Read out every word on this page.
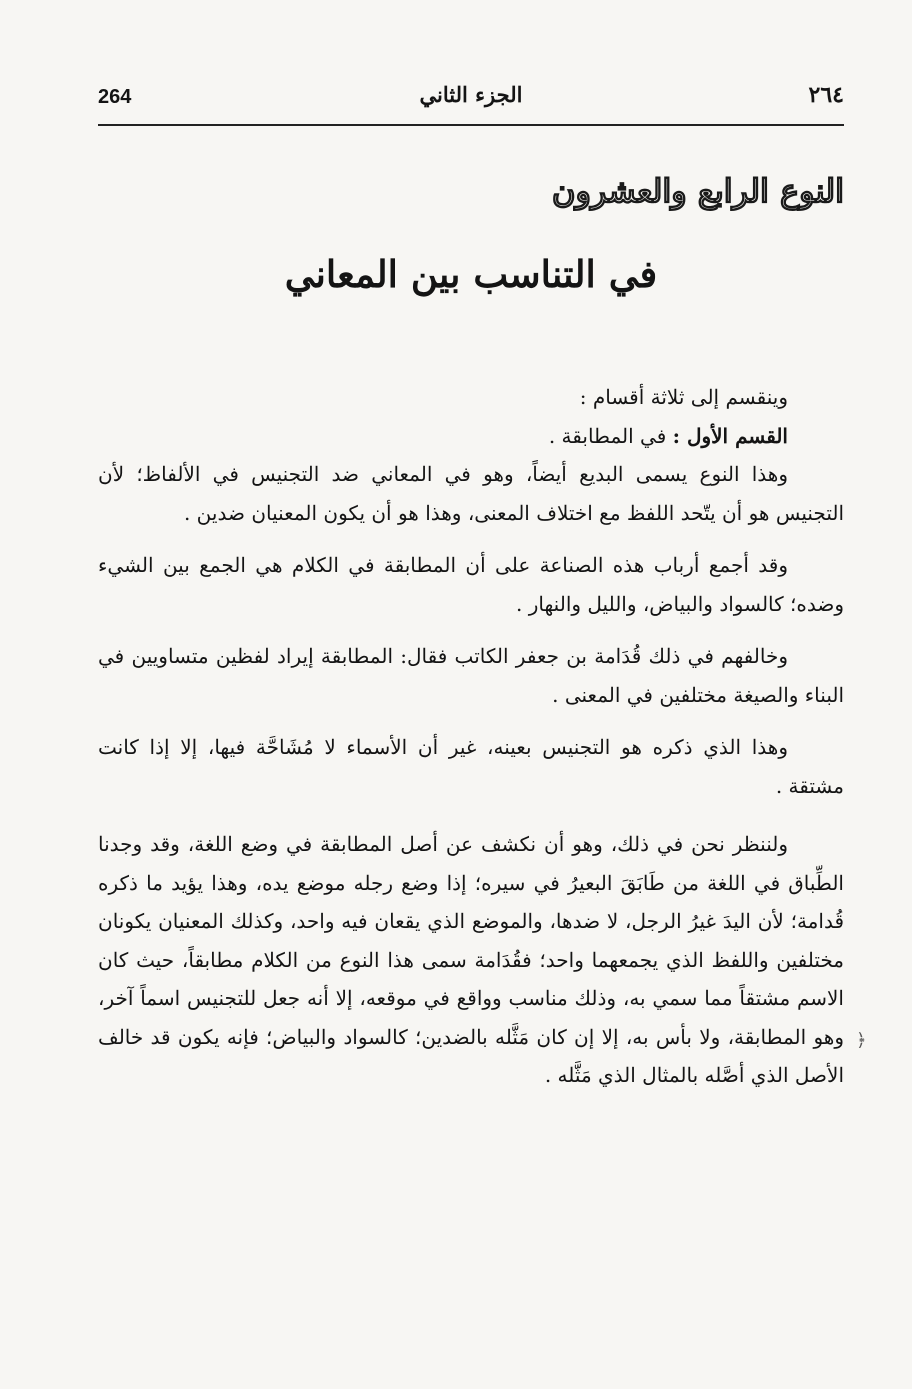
264	الجزء الثاني	٢٦٤
النوع الرابع والعشرون
في التناسب بين المعاني

وينقسم إلى ثلاثة أقسام :

القسم الأول : في المطابقة .

وهذا النوع يسمى البديع أيضاً، وهو في المعاني ضد التجنيس في الألفاظ؛ لأن التجنيس هو أن يتّحد اللفظ مع اختلاف المعنى، وهذا هو أن يكون المعنيان ضدين .

وقد أجمع أرباب هذه الصناعة على أن المطابقة في الكلام هي الجمع بين الشيء وضده؛ كالسواد والبياض، والليل والنهار .

وخالفهم في ذلك قُدَامة بن جعفر الكاتب فقال: المطابقة إيراد لفظين متساويين في البناء والصيغة مختلفين في المعنى .

وهذا الذي ذكره هو التجنيس بعينه، غير أن الأسماء لا مُشَاحَّة فيها، إلا إذا كانت مشتقة .

ولننظر نحن في ذلك، وهو أن نكشف عن أصل المطابقة في وضع اللغة، وقد وجدنا الطِّباق في اللغة من طَابَقَ البعيرُ في سيره؛ إذا وضع رجله موضع يده، وهذا يؤيد ما ذكره قُدامة؛ لأن اليدَ غيرُ الرجل، لا ضدها، والموضع الذي يقعان فيه واحد، وكذلك المعنيان يكونان مختلفين واللفظ الذي يجمعهما واحد؛ فقُدَامة سمى هذا النوع من الكلام مطابقاً، حيث كان الاسم مشتقاً مما سمي به، وذلك مناسب وواقع في موقعه، إلا أنه جعل للتجنيس اسماً آخر، وهو المطابقة، ولا بأس به، إلا إن كان مَثَّله بالضدين؛ كالسواد والبياض؛ فإنه يكون قد خالف الأصل الذي أصَّله بالمثال الذي مَثَّله .

﴿
